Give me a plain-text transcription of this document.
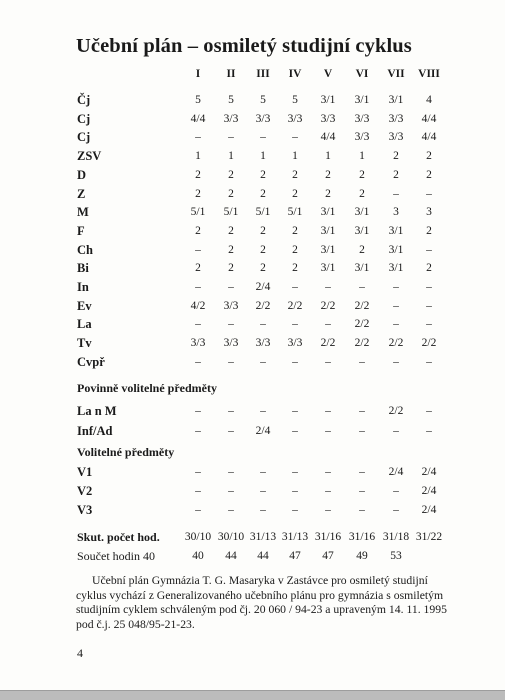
Učební plán – osmiletý studijní cyklus
I II III IV V VI VII VIII
Čj	5 5 5 5 3/1 3/1 3/1 4
Cj	4/4 3/3 3/3 3/3 3/3 3/3 3/3 4/4
Cj	– – – – 4/4 3/3 3/3 4/4
ZSV	1 1 1 1 1 1 2 2
D	2 2 2 2 2 2 2 2
Z	2 2 2 2 2 2 – –
M	5/1 5/1 5/1 5/1 3/1 3/1 3 3
F	2 2 2 2 3/1 3/1 3/1 2
Ch	– 2 2 2 3/1 2 3/1 –
Bi	2 2 2 2 3/1 3/1 3/1 2
In	– – 2/4 – – – – –
Ev	4/2 3/3 2/2 2/2 2/2 2/2 – –
La	– – – – – 2/2 – –
Tv	3/3 3/3 3/3 3/3 2/2 2/2 2/2 2/2
Cvpř	– – – – – – – –
Povinně volitelné předměty
La n M	– – – – – – 2/2 –
Inf/Ad	– – 2/4 – – – – –
Volitelné předměty
V1	– – – – – – 2/4 2/4
V2	– – – – – – – 2/4
V3	– – – – – – – 2/4
Skut. počet hod. 30/10 30/10 31/13 31/13 31/16 31/16 31/18 31/22
Součet hodin 40	40 44 44 47 47 49 53

Učební plán Gymnázia T. G. Masaryka v Zastávce pro osmiletý studijní cyklus vychází z Generalizovaného učebního plánu pro gymnázia s osmiletým studijním cyklem schváleným pod čj. 20 060 / 94-23 a upraveným 14. 11. 1995 pod č.j. 25 048/95-21-23.

4
